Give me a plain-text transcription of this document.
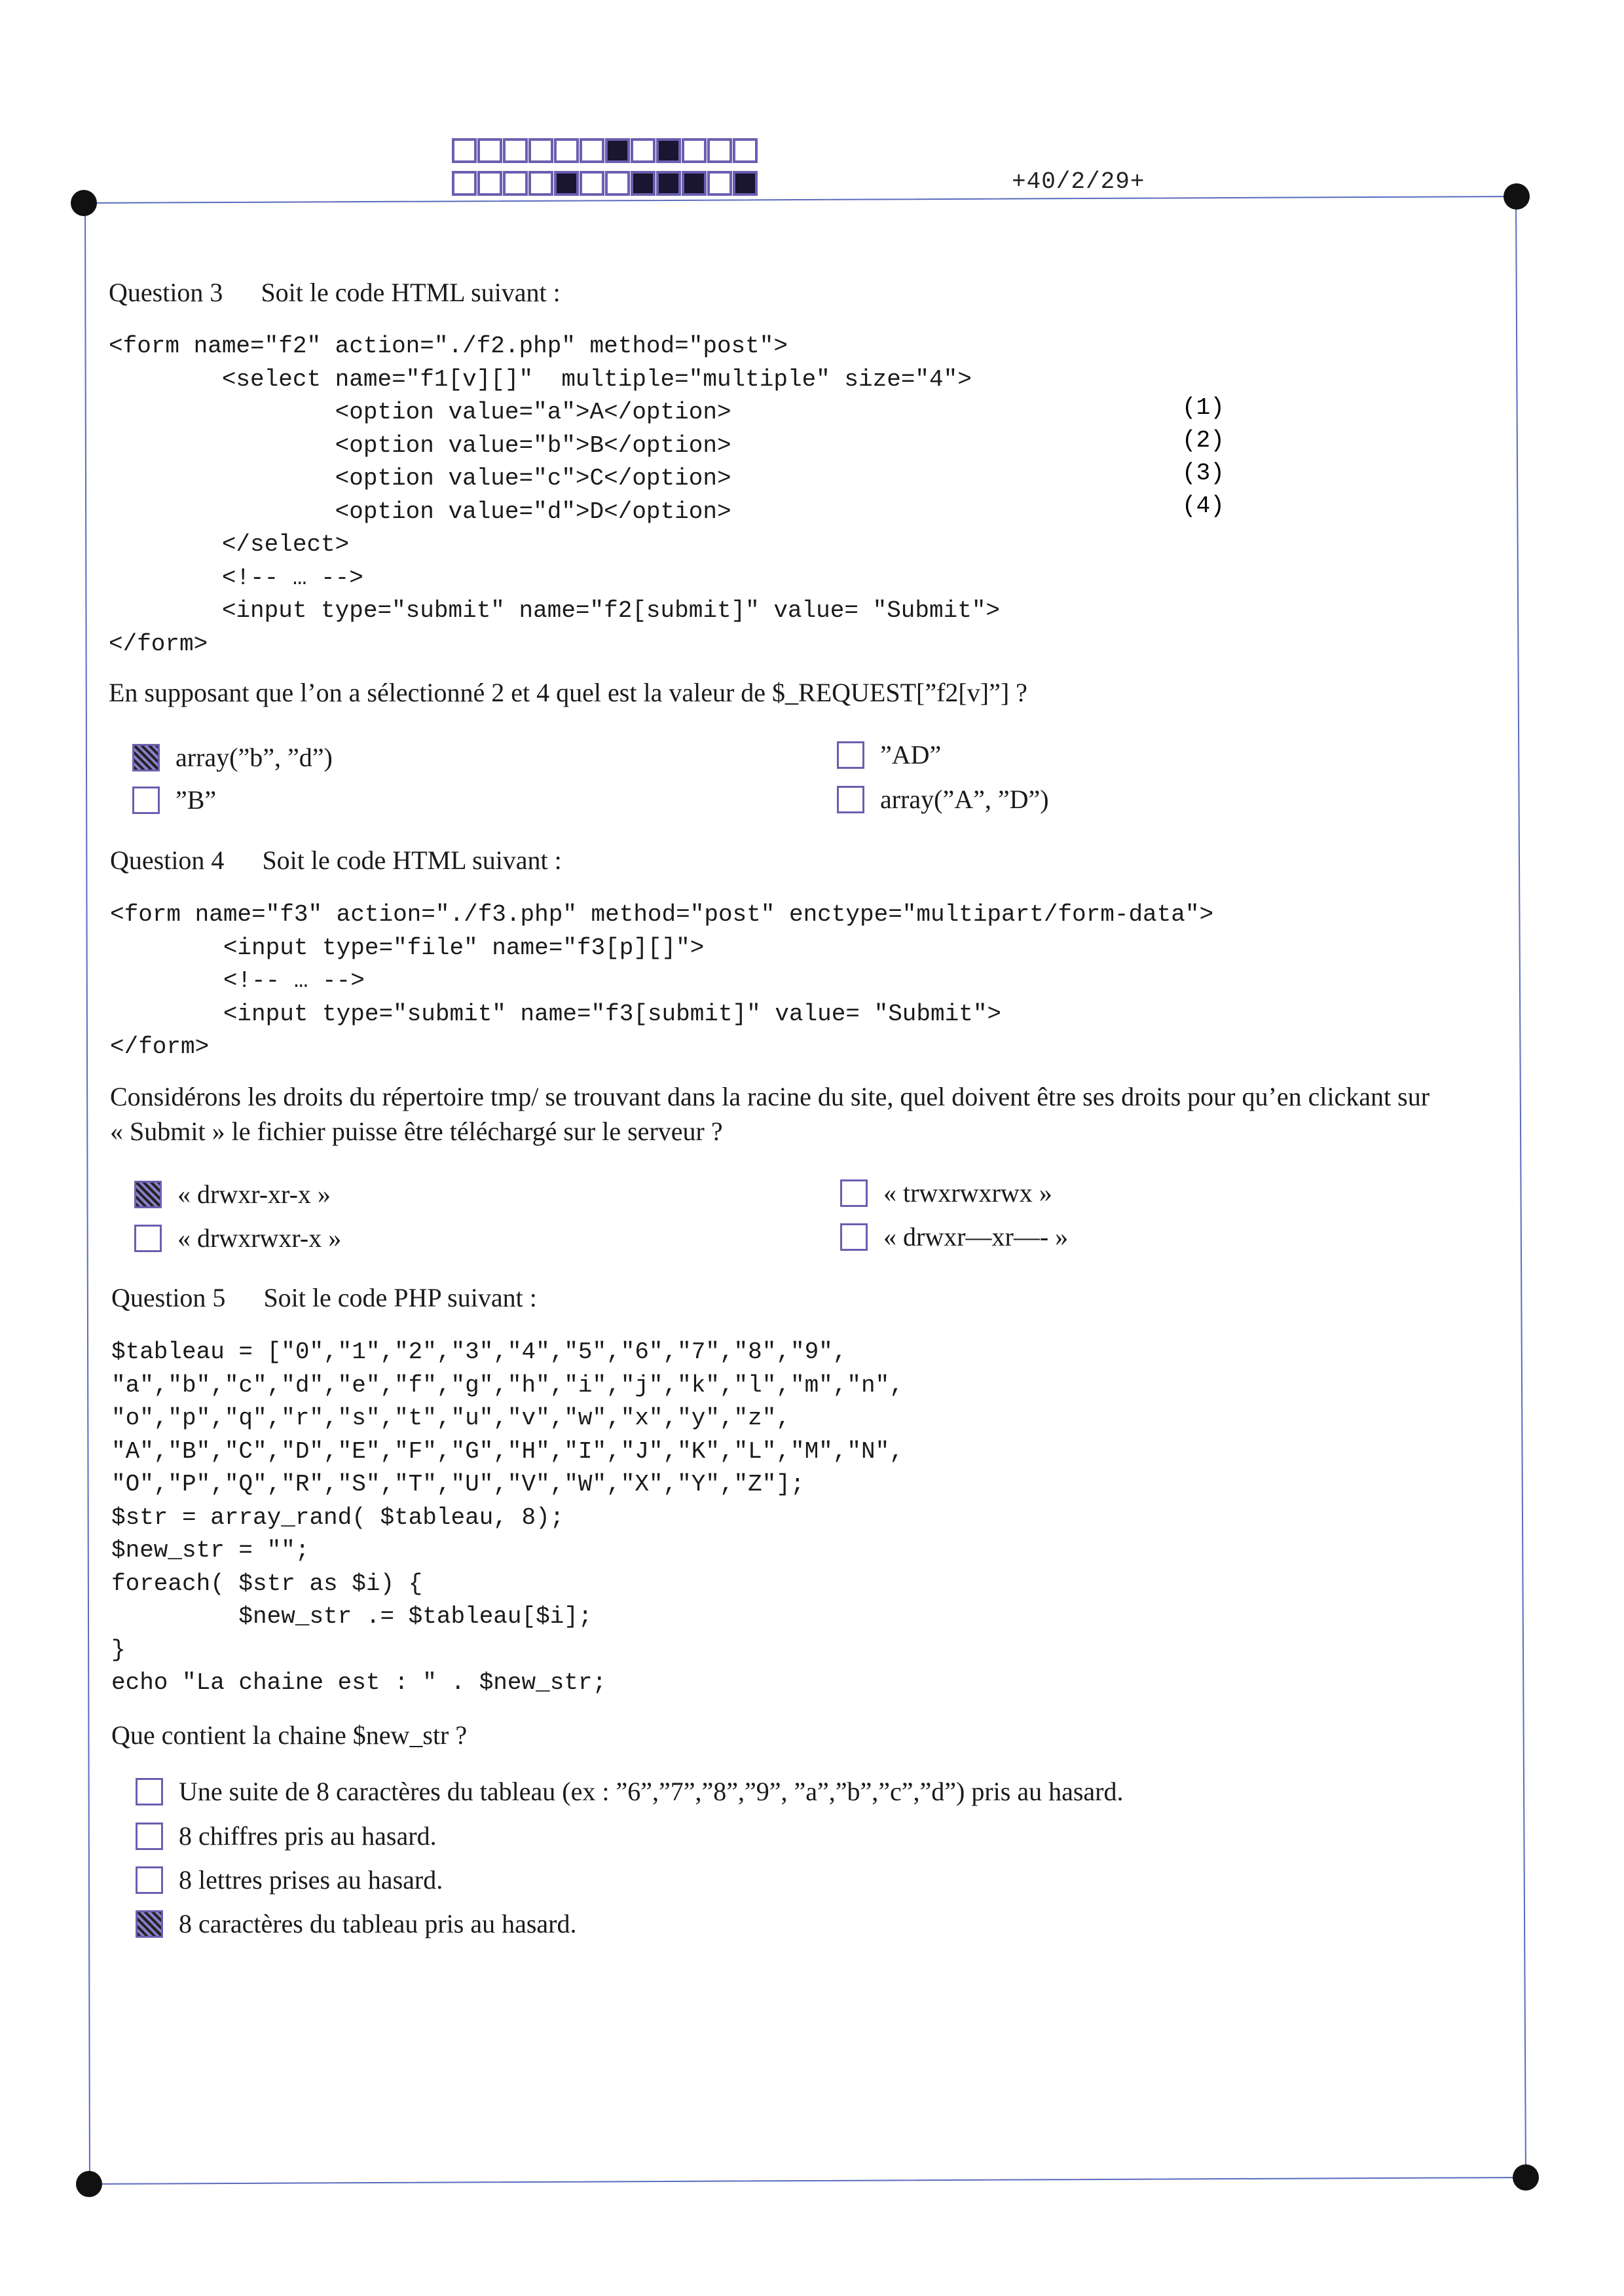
+40/2/29+
Question 3 Soit le code HTML suivant :
<form name="f2" action="./f2.php" method="post">
<select name="f1[v][]"  multiple="multiple" size="4">
<option value="a">A</option>
<option value="b">B</option>
<option value="c">C</option>
<option value="d">D</option>
</select>
<!-- … -->
<input type="submit" name="f2[submit]" value= "Submit">
</form>
(1)
(2)
(3)
(4)
En supposant que l’on a sélectionné 2 et 4 quel est la valeur de $_REQUEST[”f2[v]”] ?
array(”b”, ”d”)	”AD”
”B”	array(”A”, ”D”)
Question 4 Soit le code HTML suivant :
<form name="f3" action="./f3.php" method="post" enctype="multipart/form-data">
<input type="file" name="f3[p][]">
<!-- … -->
<input type="submit" name="f3[submit]" value= "Submit">
</form>
Considérons les droits du répertoire tmp/ se trouvant dans la racine du site, quel doivent être ses droits pour qu’en clickant sur
« Submit » le fichier puisse être téléchargé sur le serveur ?
« drwxr-xr-x »	« trwxrwxrwx »
« drwxrwxr-x »	« drwxr—xr—- »
Question 5 Soit le code PHP suivant :
$tableau = ["0","1","2","3","4","5","6","7","8","9",
"a","b","c","d","e","f","g","h","i","j","k","l","m","n",
"o","p","q","r","s","t","u","v","w","x","y","z",
"A","B","C","D","E","F","G","H","I","J","K","L","M","N",
"O","P","Q","R","S","T","U","V","W","X","Y","Z"];
$str = array_rand( $tableau, 8);
$new_str = "";
foreach( $str as $i) {
$new_str .= $tableau[$i];
}
echo "La chaine est : " . $new_str;
Que contient la chaine $new_str ?
Une suite de 8 caractères du tableau (ex : ”6”,”7”,”8”,”9”, ”a”,”b”,”c”,”d”) pris au hasard.
8 chiffres pris au hasard.
8 lettres prises au hasard.
8 caractères du tableau pris au hasard.
